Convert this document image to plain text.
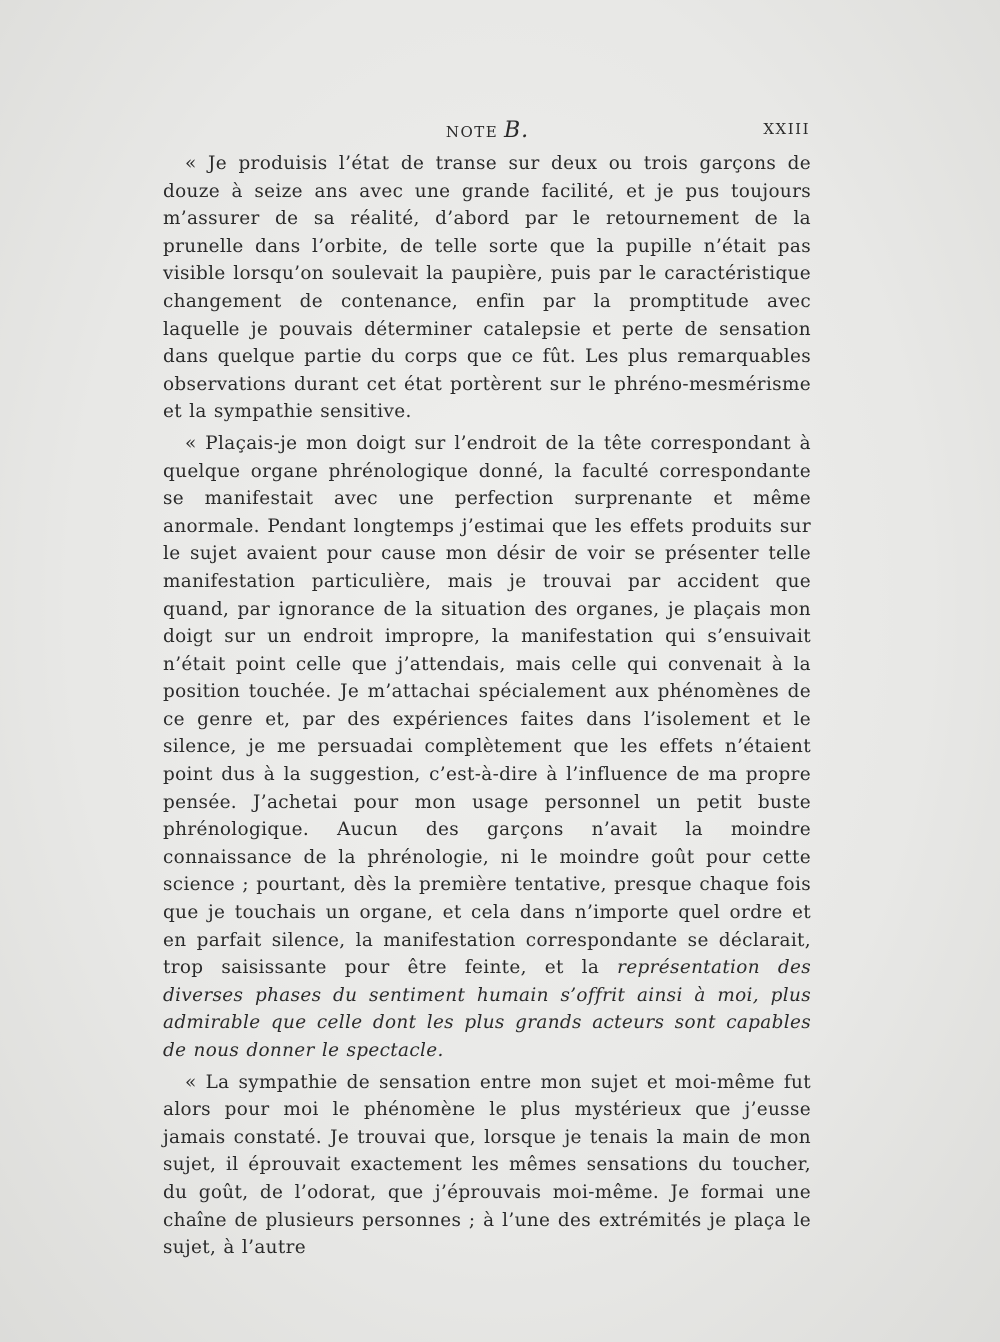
NOTE B.	XXIII

« Je produisis l’état de transe sur deux ou trois garçons de douze à seize ans avec une grande facilité, et je pus toujours m’assurer de sa réalité, d’abord par le retournement de la prunelle dans l’orbite, de telle sorte que la pupille n’était pas visible lorsqu’on soulevait la paupière, puis par le caractéristique changement de contenance, enfin par la promptitude avec laquelle je pouvais déterminer catalepsie et perte de sensation dans quelque partie du corps que ce fût. Les plus remarquables observations durant cet état portèrent sur le phréno-mesmérisme et la sympathie sensitive.

« Plaçais-je mon doigt sur l’endroit de la tête correspondant à quelque organe phrénologique donné, la faculté correspondante se manifestait avec une perfection surprenante et même anormale. Pendant longtemps j’estimai que les effets produits sur le sujet avaient pour cause mon désir de voir se présenter telle manifestation particulière, mais je trouvai par accident que quand, par ignorance de la situation des organes, je plaçais mon doigt sur un endroit impropre, la manifestation qui s’ensuivait n’était point celle que j’attendais, mais celle qui convenait à la position touchée. Je m’attachai spécialement aux phénomènes de ce genre et, par des expériences faites dans l’isolement et le silence, je me persuadai complètement que les effets n’étaient point dus à la suggestion, c’est-à-dire à l’influence de ma propre pensée. J’achetai pour mon usage personnel un petit buste phrénologique. Aucun des garçons n’avait la moindre connaissance de la phrénologie, ni le moindre goût pour cette science ; pourtant, dès la première tentative, presque chaque fois que je touchais un organe, et cela dans n’importe quel ordre et en parfait silence, la manifestation correspondante se déclarait, trop saisissante pour être feinte, et la représentation des diverses phases du sentiment humain s’offrit ainsi à moi, plus admirable que celle dont les plus grands acteurs sont capables de nous donner le spectacle.

« La sympathie de sensation entre mon sujet et moi-même fut alors pour moi le phénomène le plus mystérieux que j’eusse jamais constaté. Je trouvai que, lorsque je tenais la main de mon sujet, il éprouvait exactement les mêmes sensations du toucher, du goût, de l’odorat, que j’éprouvais moi-même. Je formai une chaîne de plusieurs personnes ; à l’une des extrémités je plaça le sujet, à l’autre
